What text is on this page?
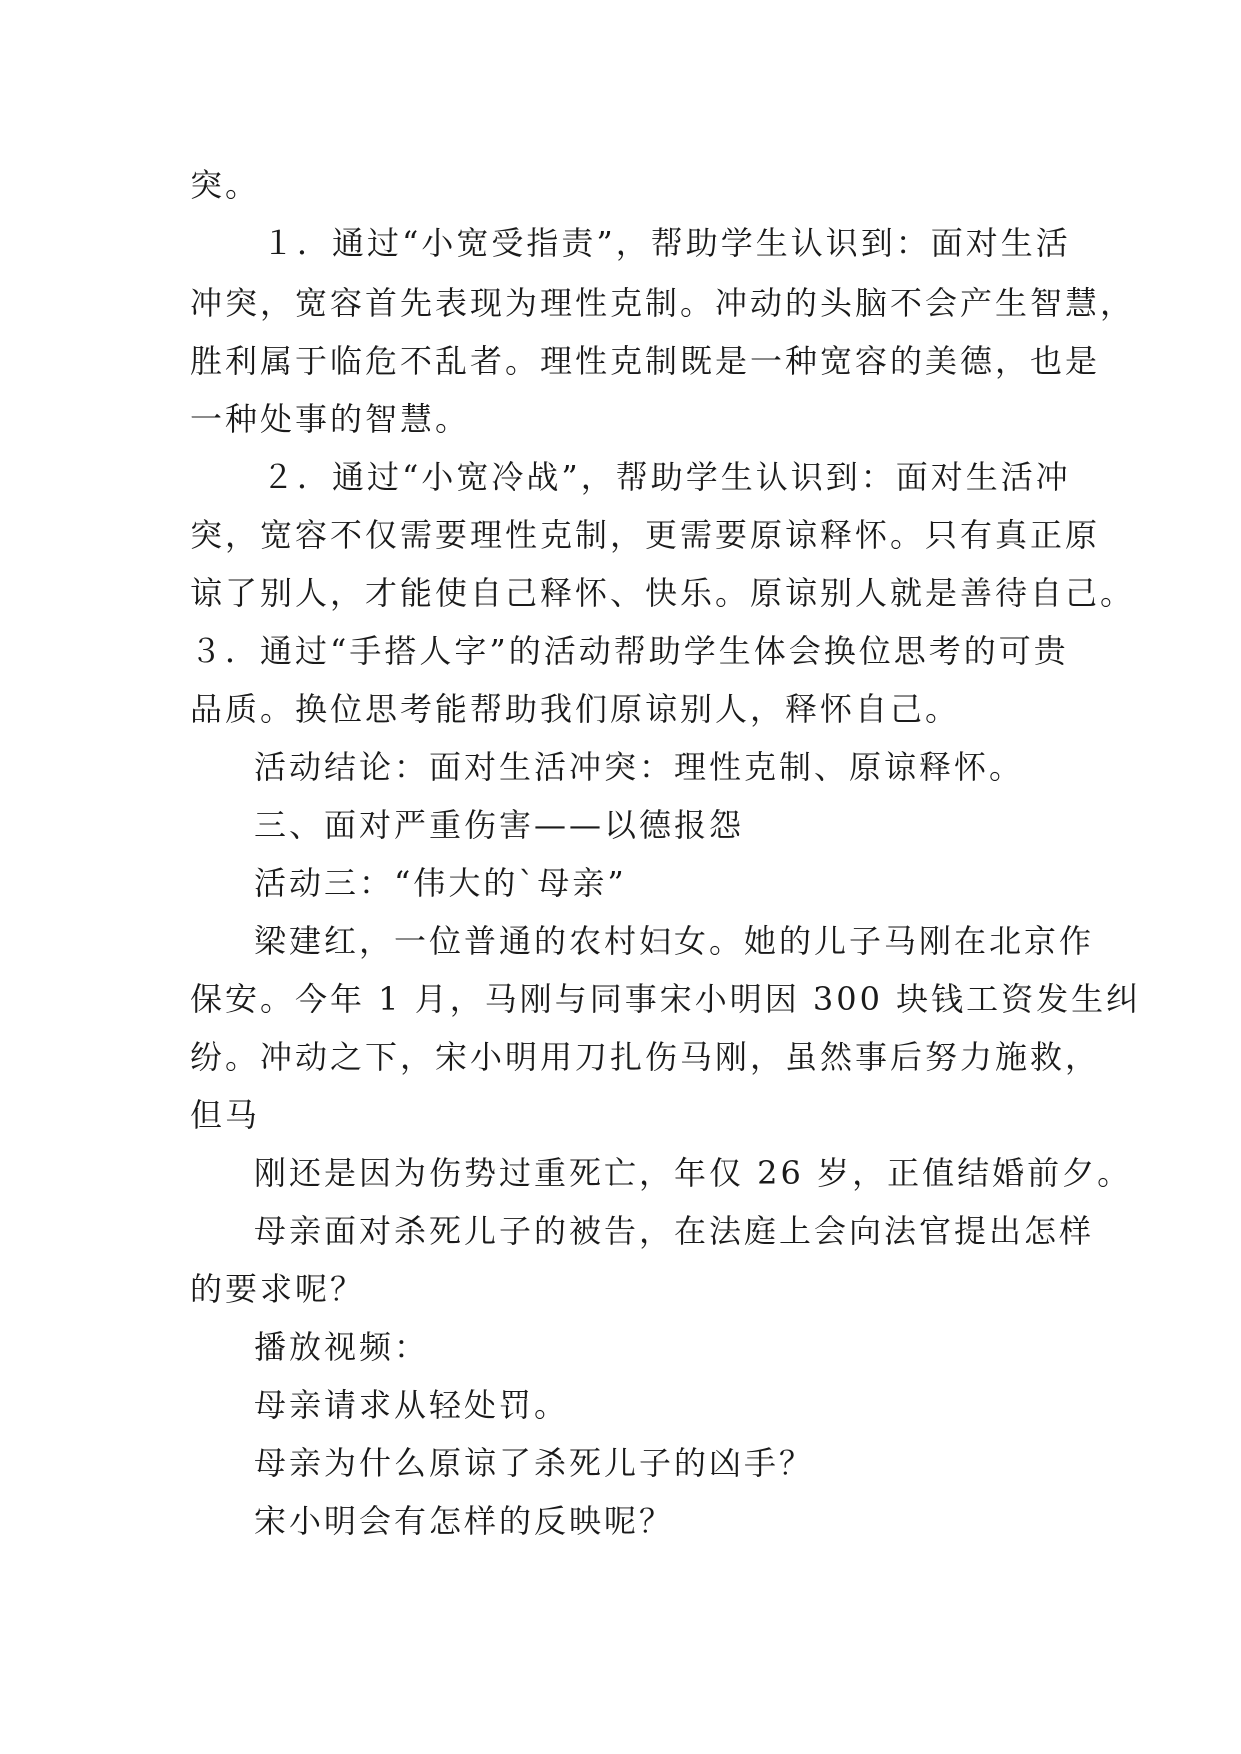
突。
１．通过“小宽受指责”，帮助学生认识到：面对生活
冲突，宽容首先表现为理性克制。冲动的头脑不会产生智慧，
胜利属于临危不乱者。理性克制既是一种宽容的美德，也是
一种处事的智慧。
２．通过“小宽冷战”，帮助学生认识到：面对生活冲
突，宽容不仅需要理性克制，更需要原谅释怀。只有真正原
谅了别人，才能使自己释怀、快乐。原谅别人就是善待自己。
３．通过“手搭人字”的活动帮助学生体会换位思考的可贵
品质。换位思考能帮助我们原谅别人，释怀自己。
活动结论：面对生活冲突：理性克制、原谅释怀。
三、面对严重伤害——以德报怨
活动三：“伟大的`母亲”
梁建红，一位普通的农村妇女。她的儿子马刚在北京作
保安。今年 1 月，马刚与同事宋小明因 300 块钱工资发生纠
纷。冲动之下，宋小明用刀扎伤马刚，虽然事后努力施救，
但马
刚还是因为伤势过重死亡，年仅 26 岁，正值结婚前夕。
母亲面对杀死儿子的被告，在法庭上会向法官提出怎样
的要求呢？
播放视频：
母亲请求从轻处罚。
母亲为什么原谅了杀死儿子的凶手？
宋小明会有怎样的反映呢？
